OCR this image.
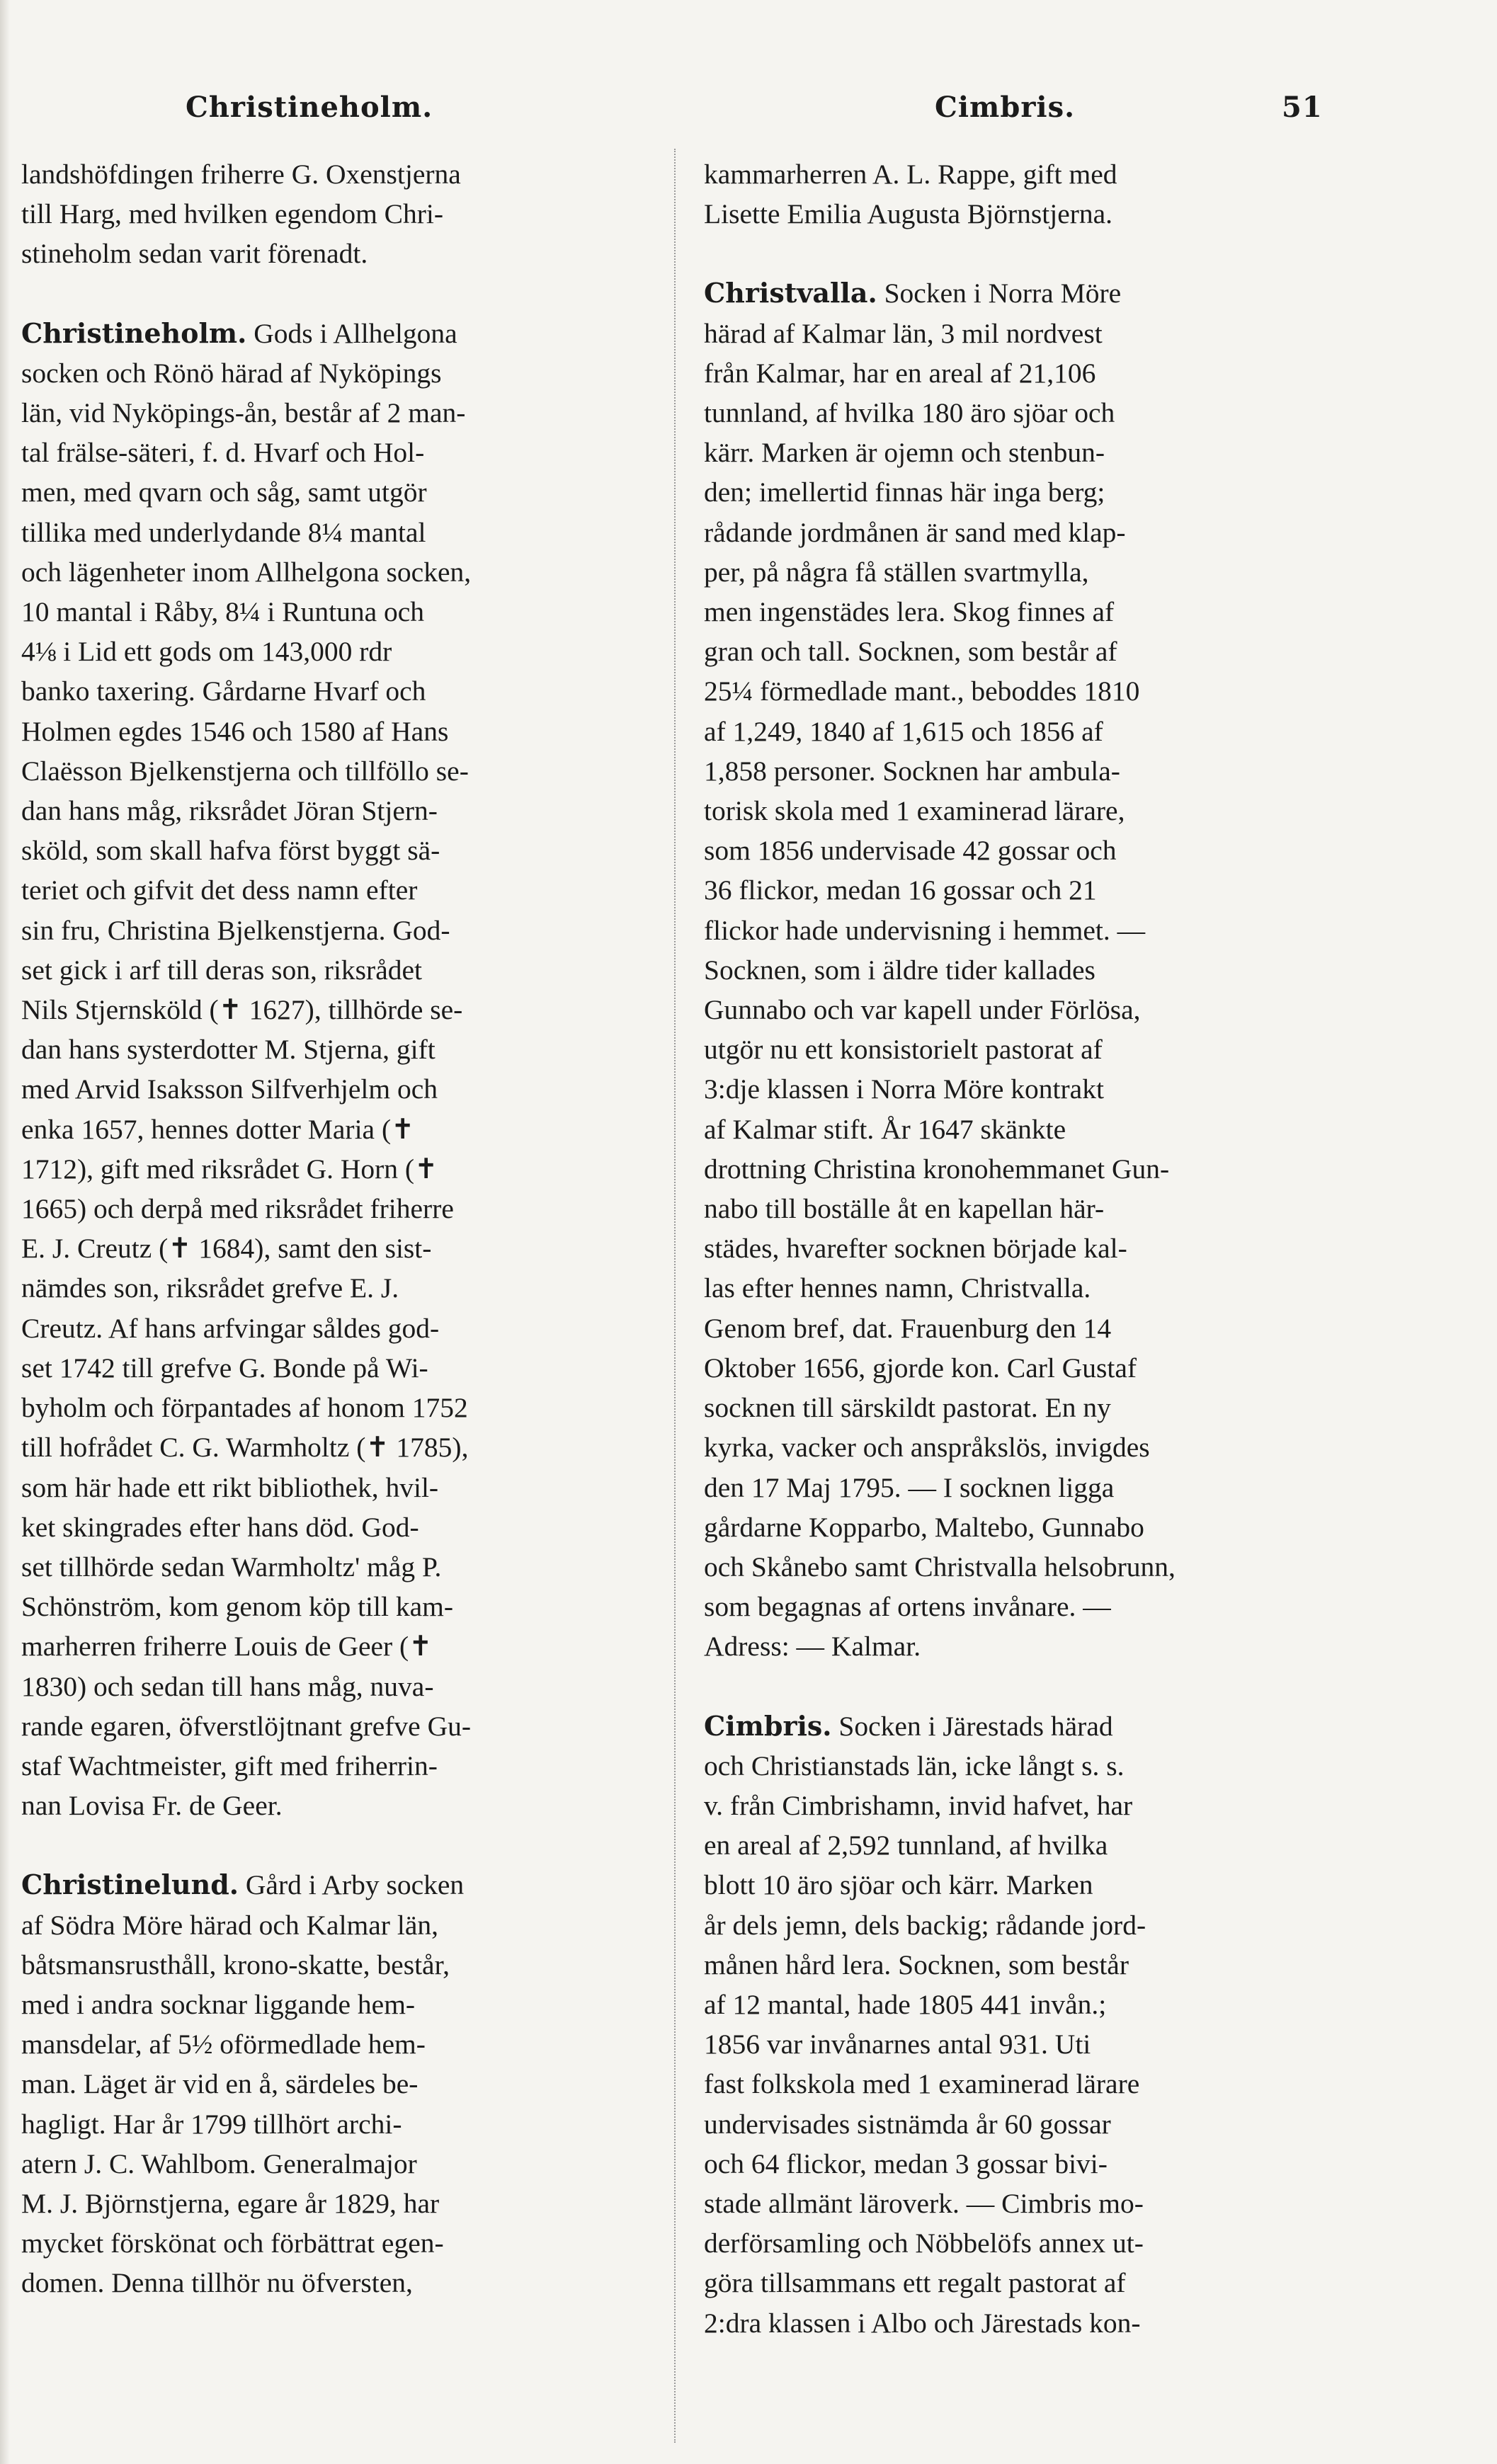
Christineholm.	Cimbris.	51

landshöfdingen friherre G. Oxenstjerna
till Harg, med hvilken egendom Chri-
stineholm sedan varit förenadt.

Christineholm. Gods i Allhelgona
socken och Rönö härad af Nyköpings
län, vid Nyköpings-ån, består af 2 man-
tal frälse-säteri, f. d. Hvarf och Hol-
men, med qvarn och såg, samt utgör
tillika med underlydande 8¼ mantal
och lägenheter inom Allhelgona socken,
10 mantal i Råby, 8¼ i Runtuna och
4⅛ i Lid ett gods om 143,000 rdr
banko taxering. Gårdarne Hvarf och
Holmen egdes 1546 och 1580 af Hans
Claësson Bjelkenstjerna och tillföllo se-
dan hans måg, riksrådet Jöran Stjern-
sköld, som skall hafva först byggt sä-
teriet och gifvit det dess namn efter
sin fru, Christina Bjelkenstjerna. God-
set gick i arf till deras son, riksrådet
Nils Stjernsköld (✝ 1627), tillhörde se-
dan hans systerdotter M. Stjerna, gift
med Arvid Isaksson Silfverhjelm och
enka 1657, hennes dotter Maria (✝
1712), gift med riksrådet G. Horn (✝
1665) och derpå med riksrådet friherre
E. J. Creutz (✝ 1684), samt den sist-
nämdes son, riksrådet grefve E. J.
Creutz. Af hans arfvingar såldes god-
set 1742 till grefve G. Bonde på Wi-
byholm och förpantades af honom 1752
till hofrådet C. G. Warmholtz (✝ 1785),
som här hade ett rikt bibliothek, hvil-
ket skingrades efter hans död. God-
set tillhörde sedan Warmholtz' måg P.
Schönström, kom genom köp till kam-
marherren friherre Louis de Geer (✝
1830) och sedan till hans måg, nuva-
rande egaren, öfverstlöjtnant grefve Gu-
staf Wachtmeister, gift med friherrin-
nan Lovisa Fr. de Geer.

Christinelund. Gård i Arby socken
af Södra Möre härad och Kalmar län,
båtsmansrusthåll, krono-skatte, består,
med i andra socknar liggande hem-
mansdelar, af 5½ oförmedlade hem-
man. Läget är vid en å, särdeles be-
hagligt. Har år 1799 tillhört archi-
atern J. C. Wahlbom. Generalmajor
M. J. Björnstjerna, egare år 1829, har
mycket förskönat och förbättrat egen-
domen. Denna tillhör nu öfversten,

kammarherren A. L. Rappe, gift med
Lisette Emilia Augusta Björnstjerna.

Christvalla. Socken i Norra Möre
härad af Kalmar län, 3 mil nordvest
från Kalmar, har en areal af 21,106
tunnland, af hvilka 180 äro sjöar och
kärr. Marken är ojemn och stenbun-
den; imellertid finnas här inga berg;
rådande jordmånen är sand med klap-
per, på några få ställen svartmylla,
men ingenstädes lera. Skog finnes af
gran och tall. Socknen, som består af
25¼ förmedlade mant., beboddes 1810
af 1,249, 1840 af 1,615 och 1856 af
1,858 personer. Socknen har ambula-
torisk skola med 1 examinerad lärare,
som 1856 undervisade 42 gossar och
36 flickor, medan 16 gossar och 21
flickor hade undervisning i hemmet. —
Socknen, som i äldre tider kallades
Gunnabo och var kapell under Förlösa,
utgör nu ett konsistorielt pastorat af
3:dje klassen i Norra Möre kontrakt
af Kalmar stift. År 1647 skänkte
drottning Christina kronohemmanet Gun-
nabo till boställe åt en kapellan här-
städes, hvarefter socknen började kal-
las efter hennes namn, Christvalla.
Genom bref, dat. Frauenburg den 14
Oktober 1656, gjorde kon. Carl Gustaf
socknen till särskildt pastorat. En ny
kyrka, vacker och anspråkslös, invigdes
den 17 Maj 1795. — I socknen ligga
gårdarne Kopparbo, Maltebo, Gunnabo
och Skånebo samt Christvalla helsobrunn,
som begagnas af ortens invånare. —
Adress: — Kalmar.

Cimbris. Socken i Järestads härad
och Christianstads län, icke långt s. s.
v. från Cimbrishamn, invid hafvet, har
en areal af 2,592 tunnland, af hvilka
blott 10 äro sjöar och kärr. Marken
år dels jemn, dels backig; rådande jord-
månen hård lera. Socknen, som består
af 12 mantal, hade 1805 441 invån.;
1856 var invånarnes antal 931. Uti
fast folkskola med 1 examinerad lärare
undervisades sistnämda år 60 gossar
och 64 flickor, medan 3 gossar bivi-
stade allmänt läroverk. — Cimbris mo-
derförsamling och Nöbbelöfs annex ut-
göra tillsammans ett regalt pastorat af
2:dra klassen i Albo och Järestads kon-
